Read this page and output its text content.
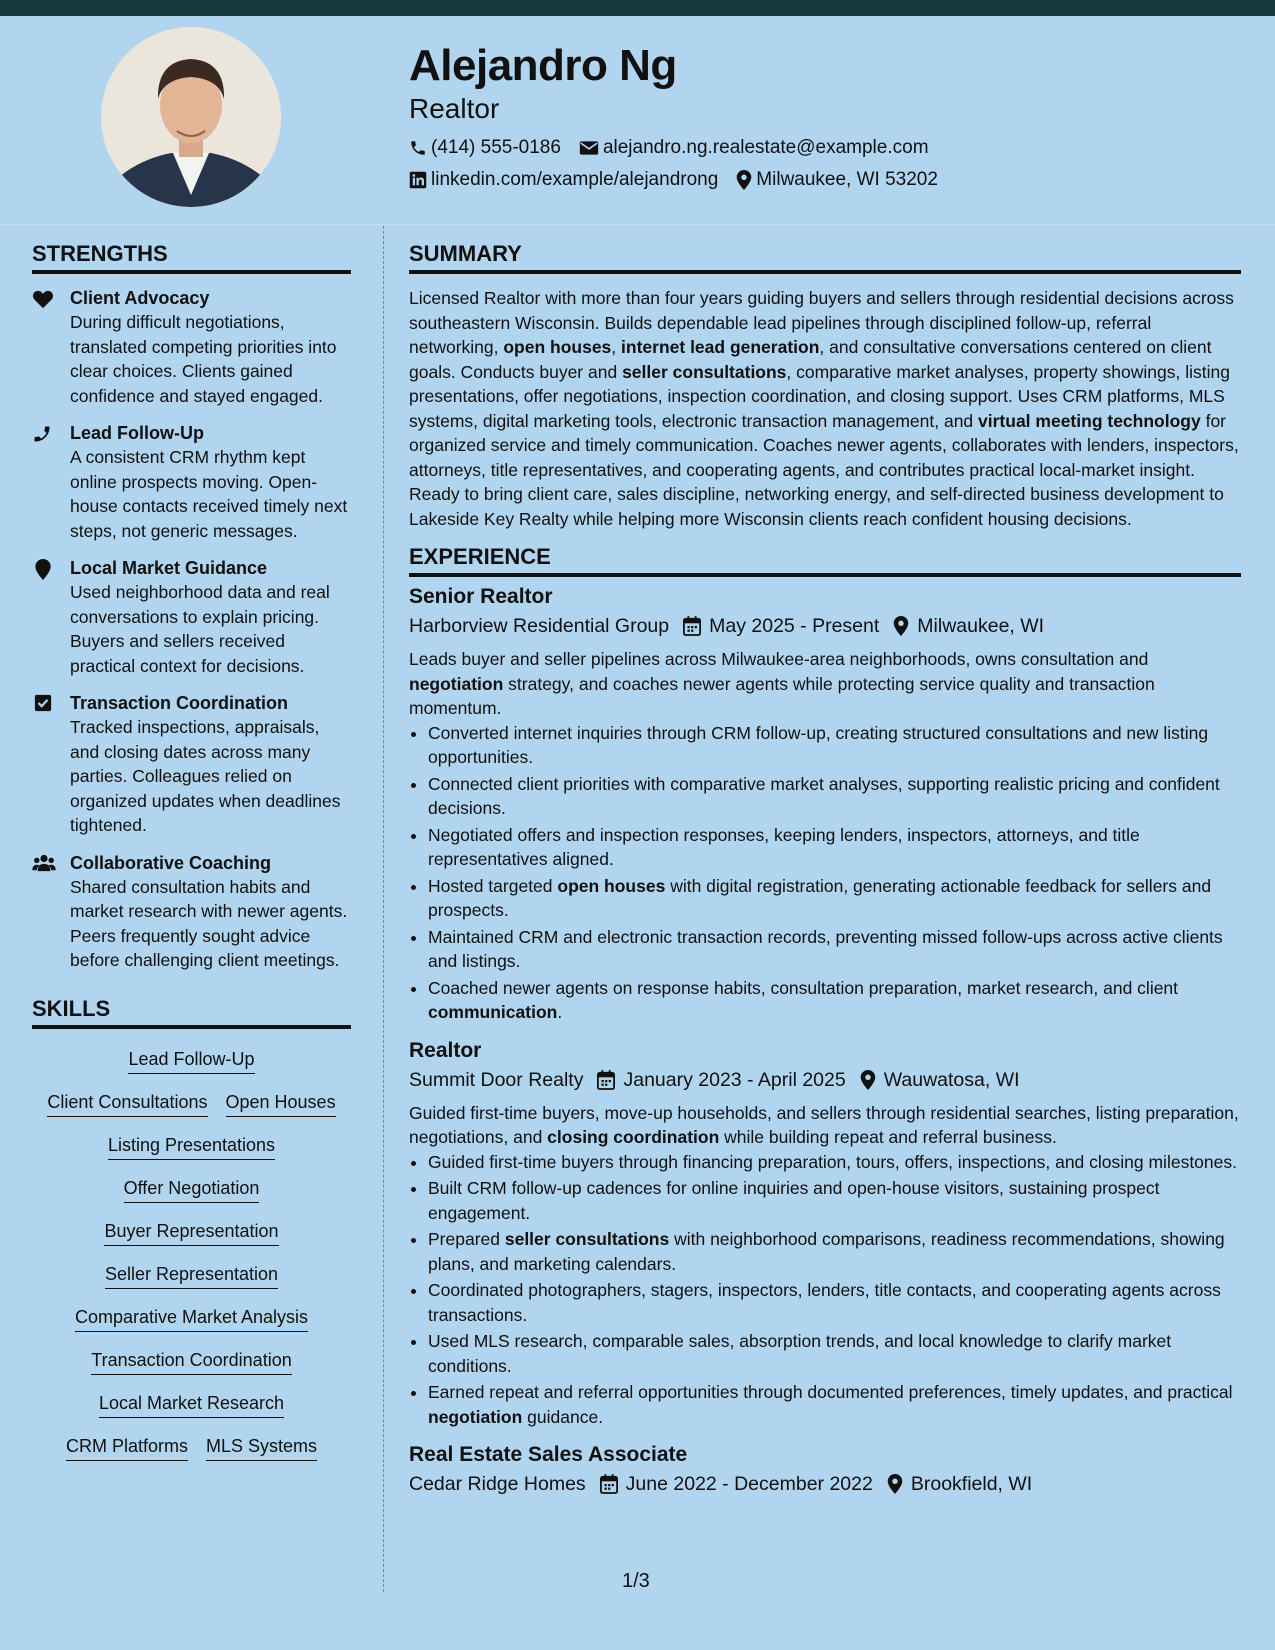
Alejandro Ng
Realtor
(414) 555-0186 alejandro.ng.realestate@example.com
linkedin.com/example/alejandrong Milwaukee, WI 53202
STRENGTHS
Client Advocacy
During difficult negotiations, translated competing priorities into clear choices. Clients gained confidence and stayed engaged.
Lead Follow-Up
A consistent CRM rhythm kept online prospects moving. Open-house contacts received timely next steps, not generic messages.
Local Market Guidance
Used neighborhood data and real conversations to explain pricing. Buyers and sellers received practical context for decisions.
Transaction Coordination
Tracked inspections, appraisals, and closing dates across many parties. Colleagues relied on organized updates when deadlines tightened.
Collaborative Coaching
Shared consultation habits and market research with newer agents. Peers frequently sought advice before challenging client meetings.
SKILLS
Lead Follow-Up
Client Consultations Open Houses
Listing Presentations
Offer Negotiation
Buyer Representation
Seller Representation
Comparative Market Analysis
Transaction Coordination
Local Market Research
CRM Platforms MLS Systems
SUMMARY

Licensed Realtor with more than four years guiding buyers and sellers through residential decisions across southeastern Wisconsin. Builds dependable lead pipelines through disciplined follow-up, referral networking, open houses, internet lead generation, and consultative conversations centered on client goals. Conducts buyer and seller consultations, comparative market analyses, property showings, listing presentations, offer negotiations, inspection coordination, and closing support. Uses CRM platforms, MLS systems, digital marketing tools, electronic transaction management, and virtual meeting technology for organized service and timely communication. Coaches newer agents, collaborates with lenders, inspectors, attorneys, title representatives, and cooperating agents, and contributes practical local-market insight. Ready to bring client care, sales discipline, networking energy, and self-directed business development to Lakeside Key Realty while helping more Wisconsin clients reach confident housing decisions.

EXPERIENCE
Senior Realtor
Harborview Residential Group May 2025 - Present Milwaukee, WI

Leads buyer and seller pipelines across Milwaukee-area neighborhoods, owns consultation and negotiation strategy, and coaches newer agents while protecting service quality and transaction momentum.

• Converted internet inquiries through CRM follow-up, creating structured consultations and new listing opportunities.
• Connected client priorities with comparative market analyses, supporting realistic pricing and confident decisions.
• Negotiated offers and inspection responses, keeping lenders, inspectors, attorneys, and title representatives aligned.
• Hosted targeted open houses with digital registration, generating actionable feedback for sellers and prospects.
• Maintained CRM and electronic transaction records, preventing missed follow-ups across active clients and listings.
• Coached newer agents on response habits, consultation preparation, market research, and client communication.
Realtor
Summit Door Realty January 2023 - April 2025 Wauwatosa, WI

Guided first-time buyers, move-up households, and sellers through residential searches, listing preparation, negotiations, and closing coordination while building repeat and referral business.

• Guided first-time buyers through financing preparation, tours, offers, inspections, and closing milestones.
• Built CRM follow-up cadences for online inquiries and open-house visitors, sustaining prospect engagement.
• Prepared seller consultations with neighborhood comparisons, readiness recommendations, showing plans, and marketing calendars.
• Coordinated photographers, stagers, inspectors, lenders, title contacts, and cooperating agents across transactions.
• Used MLS research, comparable sales, absorption trends, and local knowledge to clarify market conditions.
• Earned repeat and referral opportunities through documented preferences, timely updates, and practical negotiation guidance.
Real Estate Sales Associate
Cedar Ridge Homes June 2022 - December 2022 Brookfield, WI
1/3
